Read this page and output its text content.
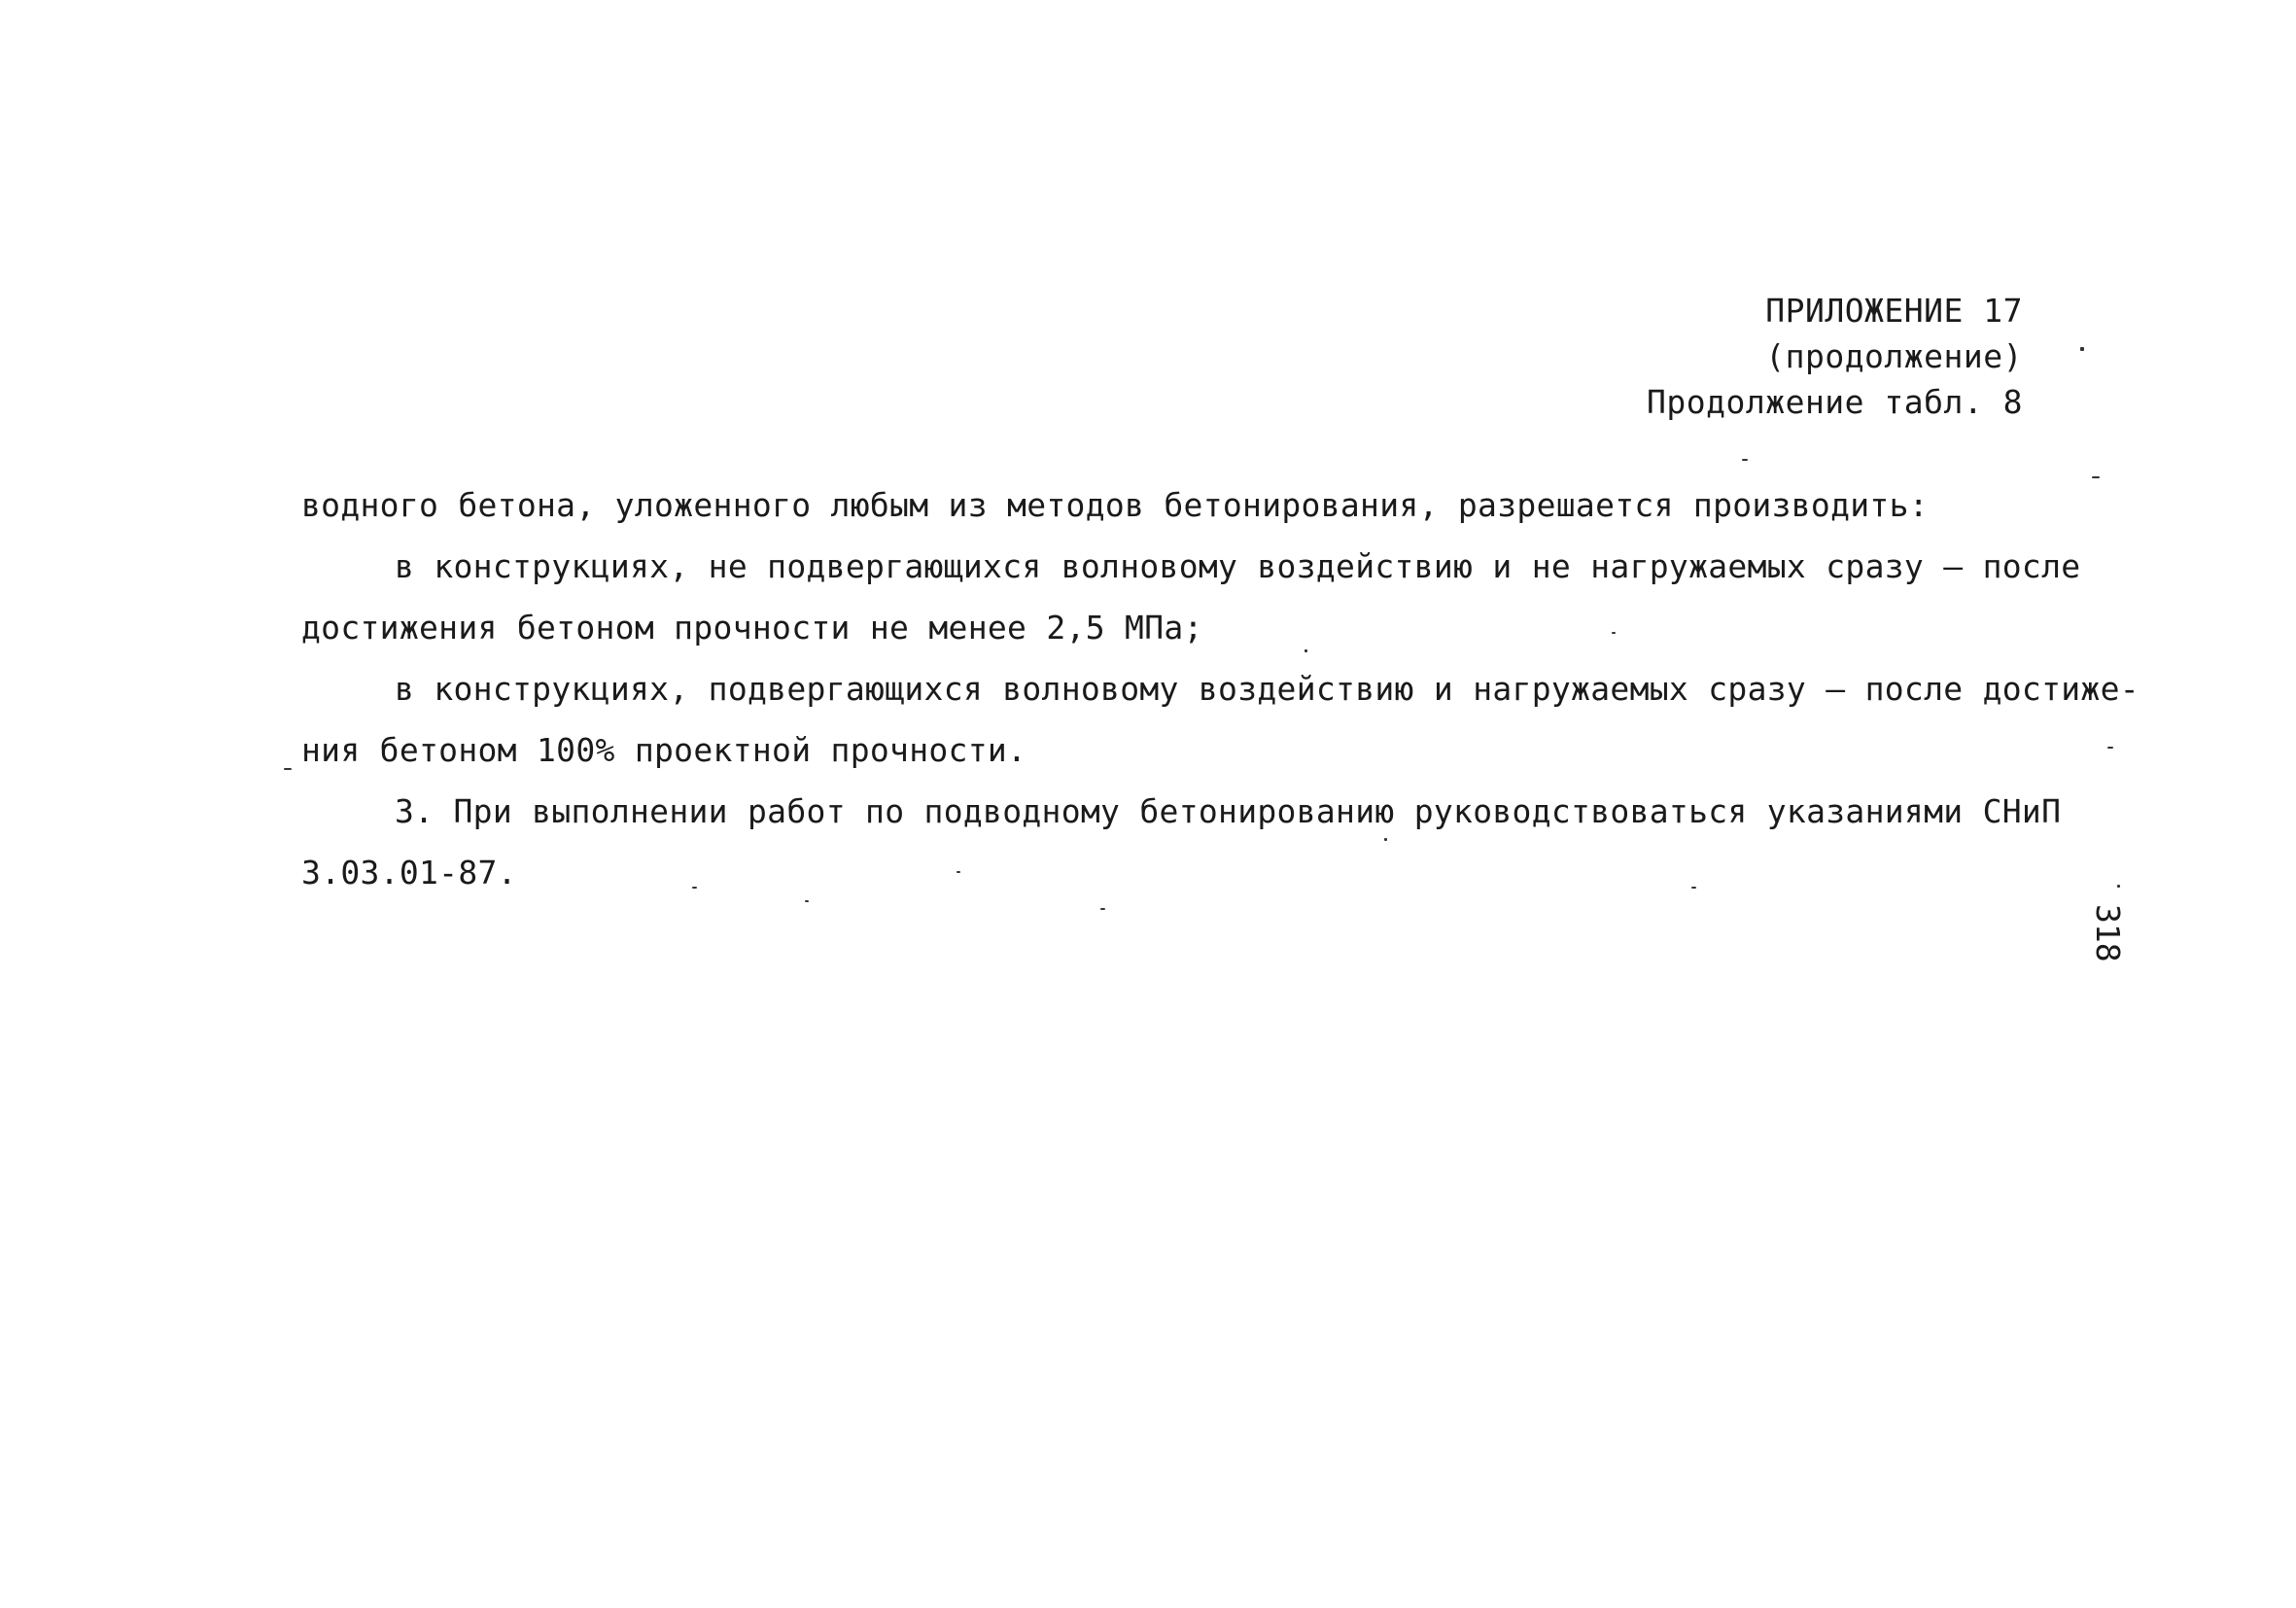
ПРИЛОЖЕНИЕ 17
(продолжение)
Продолжение табл. 8
водного бетона, уложенного любым из методов бетонирования, разрешается производить:
в конструкциях, не подвергающихся волновому воздействию и не нагружаемых сразу – после
достижения бетоном прочности не менее 2,5 МПа;
в конструкциях, подвергающихся волновому воздействию и нагружаемых сразу – после достиже-
ния бетоном 100% проектной прочности.
3. При выполнении работ по подводному бетонированию руководствоваться указаниями СНиП
3.03.01-87.
318
